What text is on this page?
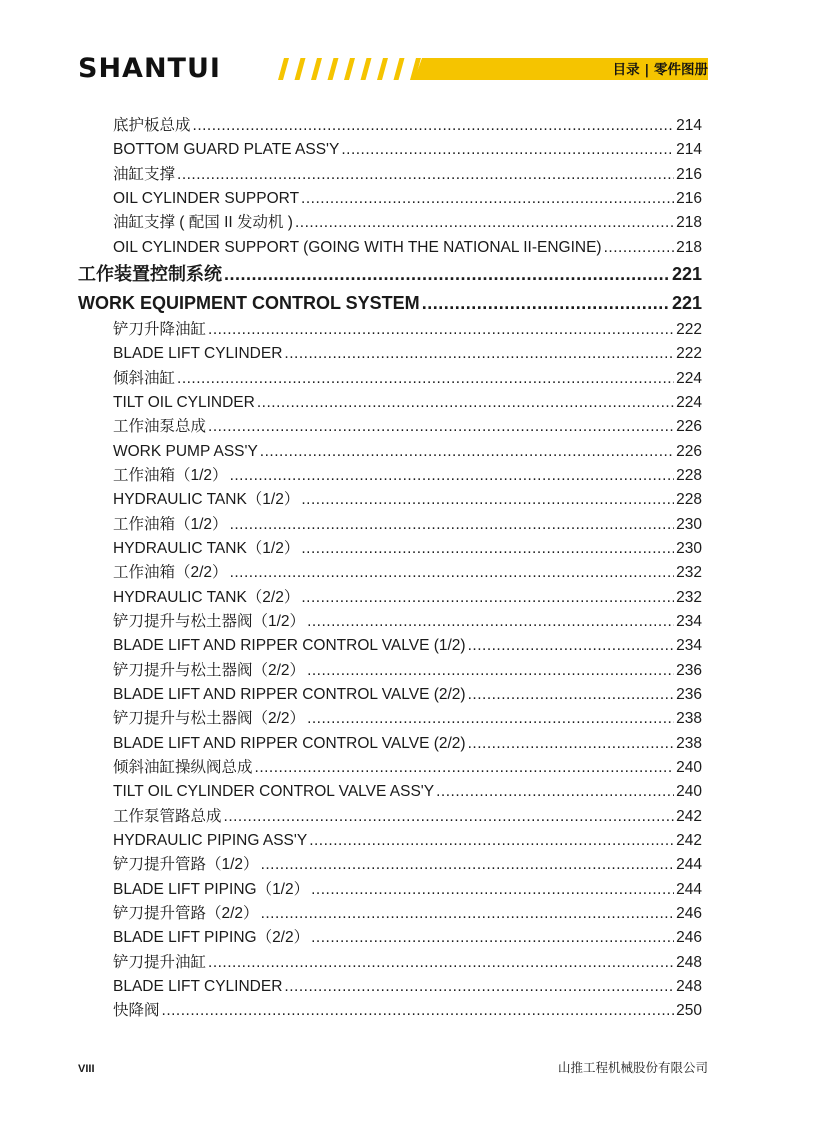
SHANTUI	目录 | 零件图册
底护板总成 .....	214
BOTTOM GUARD PLATE ASS'Y .....	214
油缸支撑 .....	216
OIL CYLINDER SUPPORT .....	216
油缸支撑 ( 配国 II 发动机 ) .....	218
OIL CYLINDER SUPPORT (GOING WITH THE NATIONAL II-ENGINE) .....	218
工作装置控制系统 .....	221
WORK EQUIPMENT CONTROL SYSTEM .....	221
铲刀升降油缸 .....	222
BLADE LIFT CYLINDER .....	222
倾斜油缸 .....	224
TILT OIL CYLINDER .....	224
工作油泵总成 .....	226
WORK PUMP ASS'Y .....	226
工作油箱（1/2） .....	228
HYDRAULIC TANK（1/2） .....	228
工作油箱（1/2） .....	230
HYDRAULIC TANK（1/2） .....	230
工作油箱（2/2） .....	232
HYDRAULIC TANK（2/2） .....	232
铲刀提升与松土器阀（1/2） .....	234
BLADE LIFT AND RIPPER CONTROL VALVE (1/2) .....	234
铲刀提升与松土器阀（2/2） .....	236
BLADE LIFT AND RIPPER CONTROL VALVE (2/2) .....	236
铲刀提升与松土器阀（2/2） .....	238
BLADE LIFT AND RIPPER CONTROL VALVE (2/2) .....	238
倾斜油缸操纵阀总成 .....	240
TILT OIL CYLINDER CONTROL VALVE ASS'Y .....	240
工作泵管路总成 .....	242
HYDRAULIC PIPING ASS'Y .....	242
铲刀提升管路（1/2） .....	244
BLADE LIFT PIPING（1/2） .....	244
铲刀提升管路（2/2） .....	246
BLADE LIFT PIPING（2/2） .....	246
铲刀提升油缸 .....	248
BLADE LIFT CYLINDER .....	248
快降阀 .....	250
VIII	山推工程机械股份有限公司
